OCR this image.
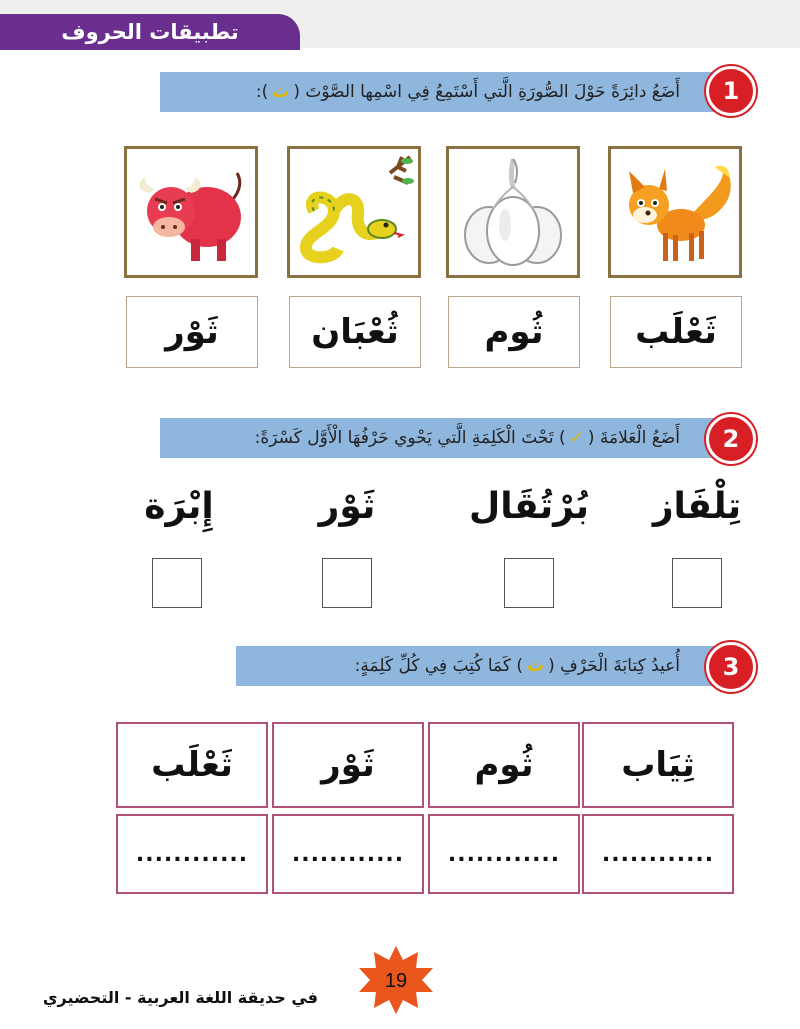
تطبيقات الحروف
أَضَعُ دائِرَةً حَوْلَ الصُّورَةِ الَّتي أَسْتَمِعُ فِي اسْمِها الصَّوْتَ (
ث
):	1
ثَعْلَب
ثُوم
ثُعْبَان
ثَوْر
أَضَعُ الْعَلامَةَ (
✓
) تَحْتَ الْكَلِمَةِ الَّتي يَحْوي حَرْفُهَا الْأَوَّل كَسْرَةً:	2
تِلْفَاز
بُرْتُقَال
ثَوْر
إِبْرَة
أُعيدُ كِتابَةَ الْحَرْفِ (
ث
) كَمَا كُتِبَ فِي كُلِّ كَلِمَةٍ:	3
ثِيَاب
ثُوم
ثَوْر
ثَعْلَب
............
............
............
............
في حديقة اللغة العربية - التحضيري
19
